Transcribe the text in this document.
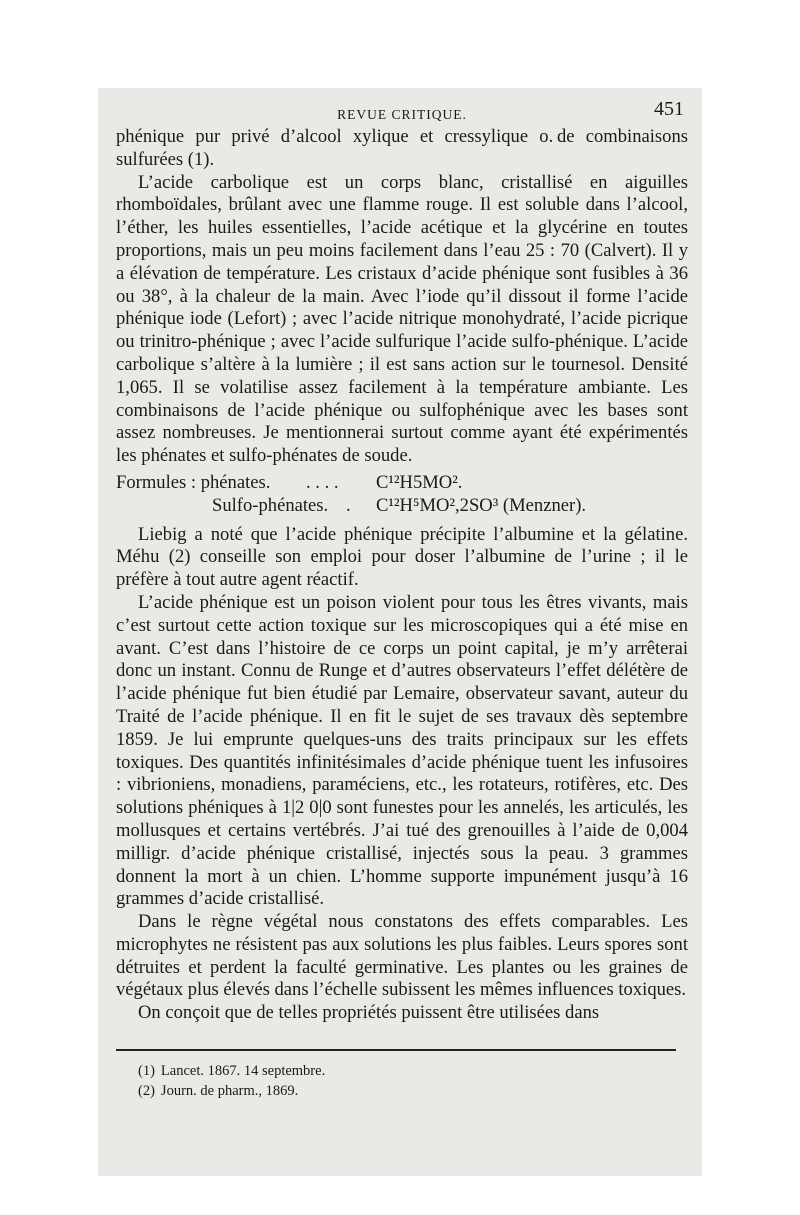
REVUE CRITIQUE.	451

phénique pur privé d’alcool xylique et cressylique o. de combinaisons sulfurées (1).

L’acide carbolique est un corps blanc, cristallisé en aiguilles rhomboïdales, brûlant avec une flamme rouge. Il est soluble dans l’alcool, l’éther, les huiles essentielles, l’acide acétique et la glycérine en toutes proportions, mais un peu moins facilement dans l’eau 25 : 70 (Calvert). Il y a élévation de température. Les cristaux d’acide phénique sont fusibles à 36 ou 38°, à la chaleur de la main. Avec l’iode qu’il dissout il forme l’acide phénique iode (Lefort) ; avec l’acide nitrique monohydraté, l’acide picrique ou trinitro-phénique ; avec l’acide sulfurique l’acide sulfo-phénique. L’acide carbolique s’altère à la lumière ; il est sans action sur le tournesol. Densité 1,065. Il se volatilise assez facilement à la température ambiante. Les combinaisons de l’acide phénique ou sulfophénique avec les bases sont assez nombreuses. Je mentionnerai surtout comme ayant été expérimentés les phénates et sulfo-phénates de soude.

Formules : phénates.	. . . .	C¹²H5MO².
Sulfo-phénates. .	C¹²H⁵MO²,2SO³ (Menzner).

Liebig a noté que l’acide phénique précipite l’albumine et la gélatine. Méhu (2) conseille son emploi pour doser l’albumine de l’urine ; il le préfère à tout autre agent réactif.

L’acide phénique est un poison violent pour tous les êtres vivants, mais c’est surtout cette action toxique sur les microscopiques qui a été mise en avant. C’est dans l’histoire de ce corps un point capital, je m’y arrêterai donc un instant. Connu de Runge et d’autres observateurs l’effet délétère de l’acide phénique fut bien étudié par Lemaire, observateur savant, auteur du Traité de l’acide phénique. Il en fit le sujet de ses travaux dès septembre 1859. Je lui emprunte quelques-uns des traits principaux sur les effets toxiques. Des quantités infinitésimales d’acide phénique tuent les infusoires : vibrioniens, monadiens, paraméciens, etc., les rotateurs, rotifères, etc. Des solutions phéniques à 1|2 0|0 sont funestes pour les annelés, les articulés, les mollusques et certains vertébrés. J’ai tué des grenouilles à l’aide de 0,004 milligr. d’acide phénique cristallisé, injectés sous la peau. 3 grammes donnent la mort à un chien. L’homme supporte impunément jusqu’à 16 grammes d’acide cristallisé.

Dans le règne végétal nous constatons des effets comparables. Les microphytes ne résistent pas aux solutions les plus faibles. Leurs spores sont détruites et perdent la faculté germinative. Les plantes ou les graines de végétaux plus élevés dans l’échelle subissent les mêmes influences toxiques.

On conçoit que de telles propriétés puissent être utilisées dans

(1) Lancet. 1867. 14 septembre.
(2) Journ. de pharm., 1869.
